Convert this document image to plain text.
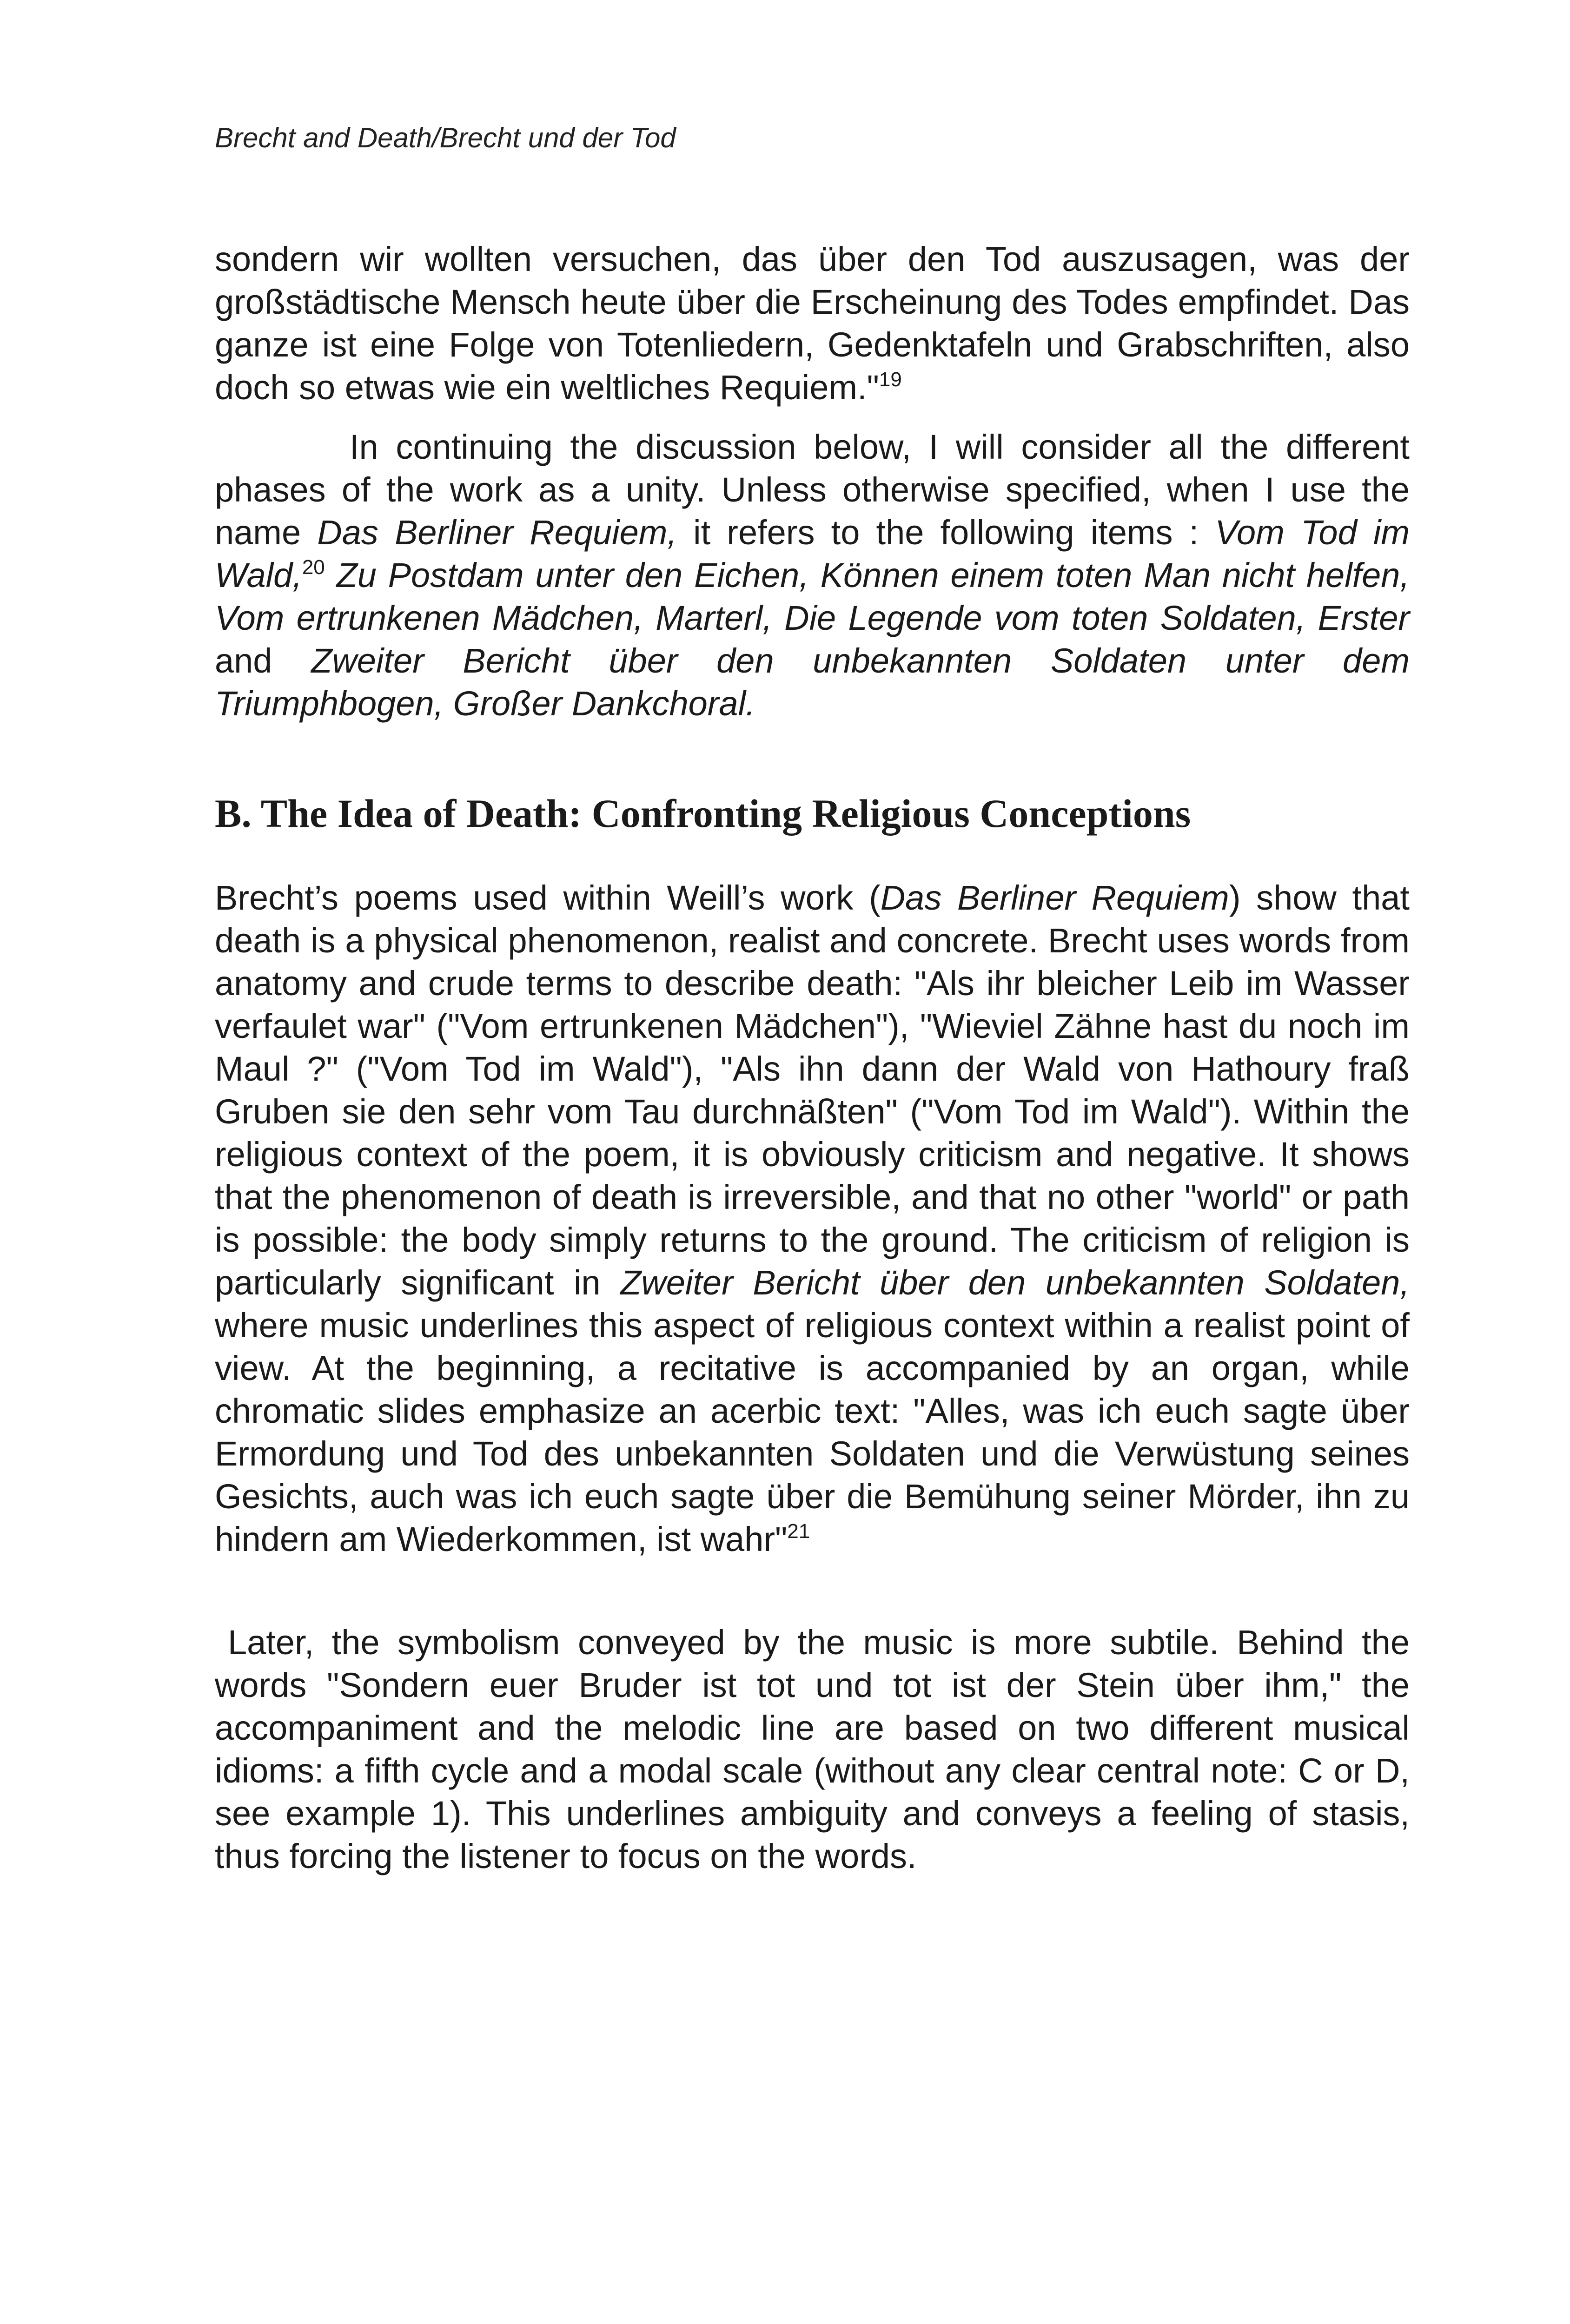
Brecht and Death/Brecht und der Tod

sondern wir wollten versuchen, das über den Tod auszusagen, was der großstädtische Mensch heute über die Erscheinung des Todes empfindet. Das ganze ist eine Folge von Totenliedern, Gedenktafeln und Grabschriften, also doch so etwas wie ein weltliches Requiem."$^{19}$

In continuing the discussion below, I will consider all the different phases of the work as a unity. Unless otherwise specified, when I use the name Das Berliner Requiem, it refers to the following items : Vom Tod im Wald,$^{20}$ Zu Postdam unter den Eichen, Können einem toten Man nicht helfen, Vom ertrunkenen Mädchen, Marterl, Die Legende vom toten Soldaten, Erster and Zweiter Bericht über den unbekannten Soldaten unter dem Triumphbogen, Großer Dankchoral.

B. The Idea of Death: Confronting Religious Conceptions

Brecht’s poems used within Weill’s work (Das Berliner Requiem) show that death is a physical phenomenon, realist and concrete. Brecht uses words from anatomy and crude terms to describe death: "Als ihr bleicher Leib im Wasser verfaulet war" ("Vom ertrunkenen Mädchen"), "Wieviel Zähne hast du noch im Maul ?" ("Vom Tod im Wald"), "Als ihn dann der Wald von Hathoury fraß Gruben sie den sehr vom Tau durchnäßten" ("Vom Tod im Wald"). Within the religious context of the poem, it is obviously criticism and negative. It shows that the phenomenon of death is irreversible, and that no other "world" or path is possible: the body simply returns to the ground. The criticism of religion is particularly significant in Zweiter Bericht über den unbekannten Soldaten, where music underlines this aspect of religious context within a realist point of view. At the beginning, a recitative is accompanied by an organ, while chromatic slides emphasize an acerbic text: "Alles, was ich euch sagte über Ermordung und Tod des unbekannten Soldaten und die Verwüstung seines Gesichts, auch was ich euch sagte über die Bemühung seiner Mörder, ihn zu hindern am Wiederkommen, ist wahr"$^{21}$

Later, the symbolism conveyed by the music is more subtile. Behind the words "Sondern euer Bruder ist tot und tot ist der Stein über ihm," the accompaniment and the melodic line are based on two different musical idioms: a fifth cycle and a modal scale (without any clear central note: C or D, see example 1). This underlines ambiguity and conveys a feeling of stasis, thus forcing the listener to focus on the words.
